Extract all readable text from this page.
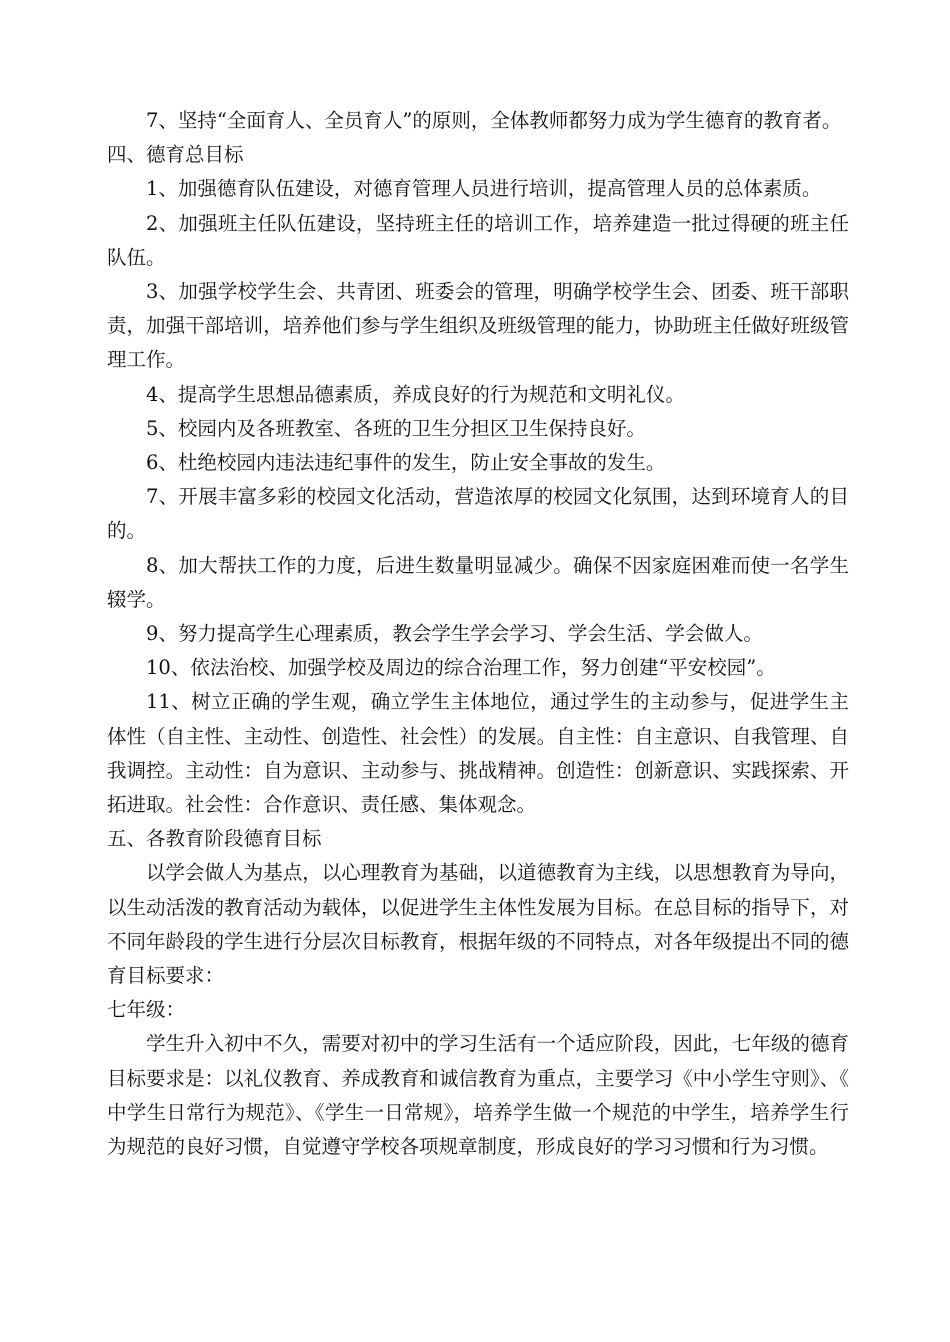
7、坚持“全面育人、全员育人”的原则，全体教师都努力成为学生德育的教育者。

四、德育总目标

1、加强德育队伍建设，对德育管理人员进行培训，提高管理人员的总体素质。

2、加强班主任队伍建设，坚持班主任的培训工作，培养建造一批过得硬的班主任队伍。

3、加强学校学生会、共青团、班委会的管理，明确学校学生会、团委、班干部职责，加强干部培训，培养他们参与学生组织及班级管理的能力，协助班主任做好班级管理工作。

4、提高学生思想品德素质，养成良好的行为规范和文明礼仪。

5、校园内及各班教室、各班的卫生分担区卫生保持良好。

6、杜绝校园内违法违纪事件的发生，防止安全事故的发生。

7、开展丰富多彩的校园文化活动，营造浓厚的校园文化氛围，达到环境育人的目的。

8、加大帮扶工作的力度，后进生数量明显减少。确保不因家庭困难而使一名学生辍学。

9、努力提高学生心理素质，教会学生学会学习、学会生活、学会做人。

10、依法治校、加强学校及周边的综合治理工作，努力创建“平安校园”。

11、树立正确的学生观，确立学生主体地位，通过学生的主动参与，促进学生主体性（自主性、主动性、创造性、社会性）的发展。自主性：自主意识、自我管理、自我调控。主动性：自为意识、主动参与、挑战精神。创造性：创新意识、实践探索、开拓进取。社会性：合作意识、责任感、集体观念。

五、各教育阶段德育目标

以学会做人为基点，以心理教育为基础，以道德教育为主线，以思想教育为导向，以生动活泼的教育活动为载体，以促进学生主体性发展为目标。在总目标的指导下，对不同年龄段的学生进行分层次目标教育，根据年级的不同特点，对各年级提出不同的德育目标要求：

七年级：

学生升入初中不久，需要对初中的学习生活有一个适应阶段，因此，七年级的德育目标要求是：以礼仪教育、养成教育和诚信教育为重点，主要学习《中小学生守则》、《中学生日常行为规范》、《学生一日常规》，培养学生做一个规范的中学生，培养学生行为规范的良好习惯，自觉遵守学校各项规章制度，形成良好的学习习惯和行为习惯。
